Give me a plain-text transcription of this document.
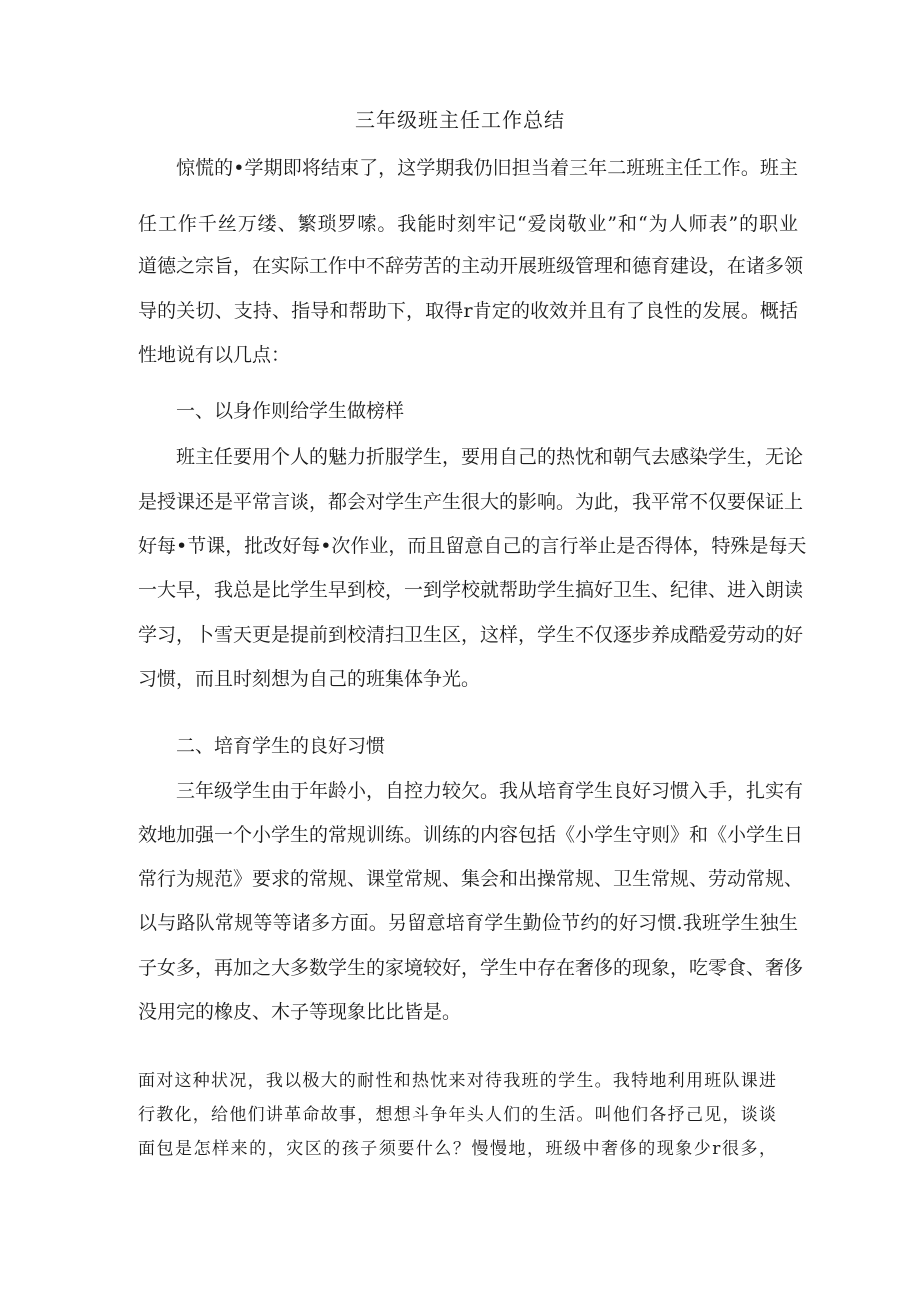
三年级班主任工作总结
惊慌的•学期即将结束了，这学期我仍旧担当着三年二班班主任工作。班主
任工作千丝万缕、繁琐罗嗦。我能时刻牢记“爱岗敬业”和“为人师表”的职业
道德之宗旨，在实际工作中不辞劳苦的主动开展班级管理和德育建设，在诸多领
导的关切、支持、指导和帮助下，取得r肯定的收效并且有了良性的发展。概括
性地说有以几点：
一、以身作则给学生做榜样
班主任要用个人的魅力折服学生，要用自己的热忱和朝气去感染学生，无论
是授课还是平常言谈，都会对学生产生很大的影响。为此，我平常不仅要保证上
好每•节课，批改好每•次作业，而且留意自己的言行举止是否得体，特殊是每天
一大早，我总是比学生早到校，一到学校就帮助学生搞好卫生、纪律、进入朗读
学习，卜雪天更是提前到校清扫卫生区，这样，学生不仅逐步养成酷爱劳动的好
习惯，而且时刻想为自己的班集体争光。
二、培育学生的良好习惯
三年级学生由于年龄小，自控力较欠。我从培育学生良好习惯入手，扎实有
效地加强一个小学生的常规训练。训练的内容包括《小学生守则》和《小学生日
常行为规范》要求的常规、课堂常规、集会和出操常规、卫生常规、劳动常规、
以与路队常规等等诸多方面。另留意培育学生勤俭节约的好习惯.我班学生独生
子女多，再加之大多数学生的家境较好，学生中存在奢侈的现象，吃零食、奢侈
没用完的橡皮、木子等现象比比皆是。
面对这种状况，我以极大的耐性和热忱来对待我班的学生。我特地利用班队课进
行教化，给他们讲革命故事，想想斗争年头人们的生活。叫他们各抒己见，谈谈
面包是怎样来的，灾区的孩子须要什么？慢慢地，班级中奢侈的现象少r很多，
